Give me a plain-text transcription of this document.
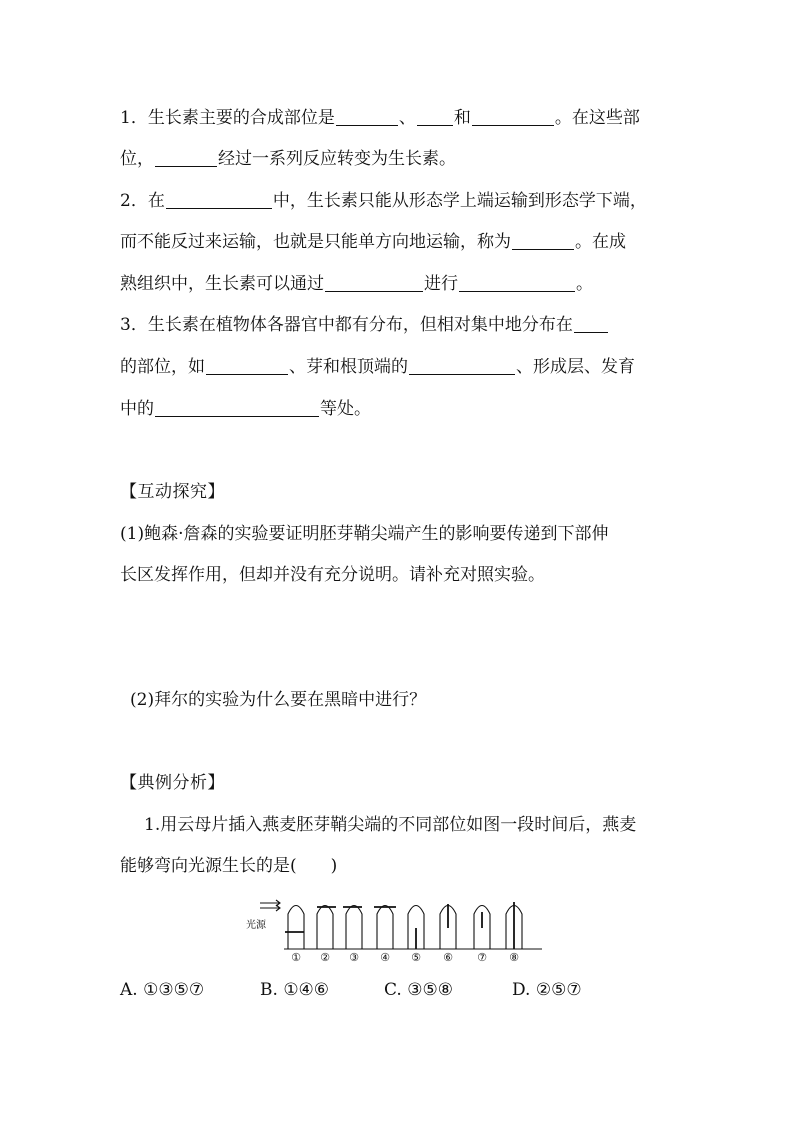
1．生长素主要的合成部位是	、 和	。在这些部
位，	经过一系列反应转变为生长素。
2．在	中，生长素只能从形态学上端运输到形态学下端，
而不能反过来运输，也就是只能单方向地运输，称为	。在成
熟组织中，生长素可以通过	进行	。
3．生长素在植物体各器官中都有分布，但相对集中地分布在
的部位，如	、芽和根顶端的	、形成层、发育
中的	等处。
【互动探究】
(1)鲍森·詹森的实验要证明胚芽鞘尖端产生的影响要传递到下部伸
长区发挥作用，但却并没有充分说明。请补充对照实验。
(2)拜尔的实验为什么要在黑暗中进行？
【典例分析】
1.用云母片插入燕麦胚芽鞘尖端的不同部位如图一段时间后，燕麦
能够弯向光源生长的是(　　)
光源
① ② ③ ④ ⑤ ⑥ ⑦ ⑧
A. ①③⑤⑦	B. ①④⑥	C. ③⑤⑧	D. ②⑤⑦
